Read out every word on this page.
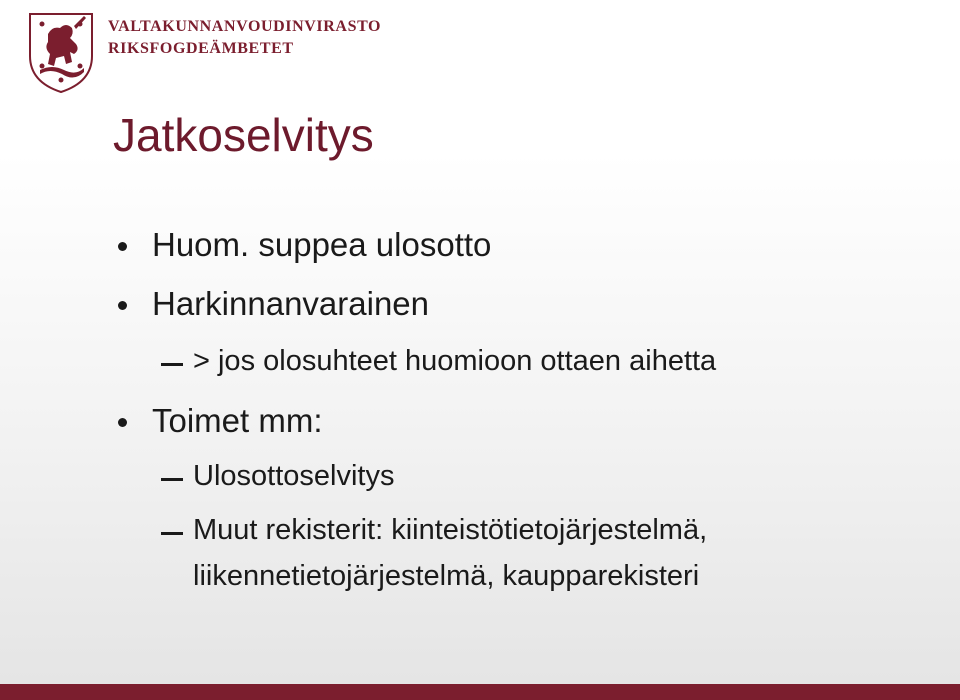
VALTAKUNNANVOUDINVIRASTO
RIKSFOGDEÄMBETET
Jatkoselvitys
Huom. suppea ulosotto
Harkinnanvarainen
> jos olosuhteet huomioon ottaen aihetta
Toimet mm:
Ulosottoselvitys
Muut rekisterit: kiinteistötietojärjestelmä,
liikennetietojärjestelmä, kaupparekisteri
